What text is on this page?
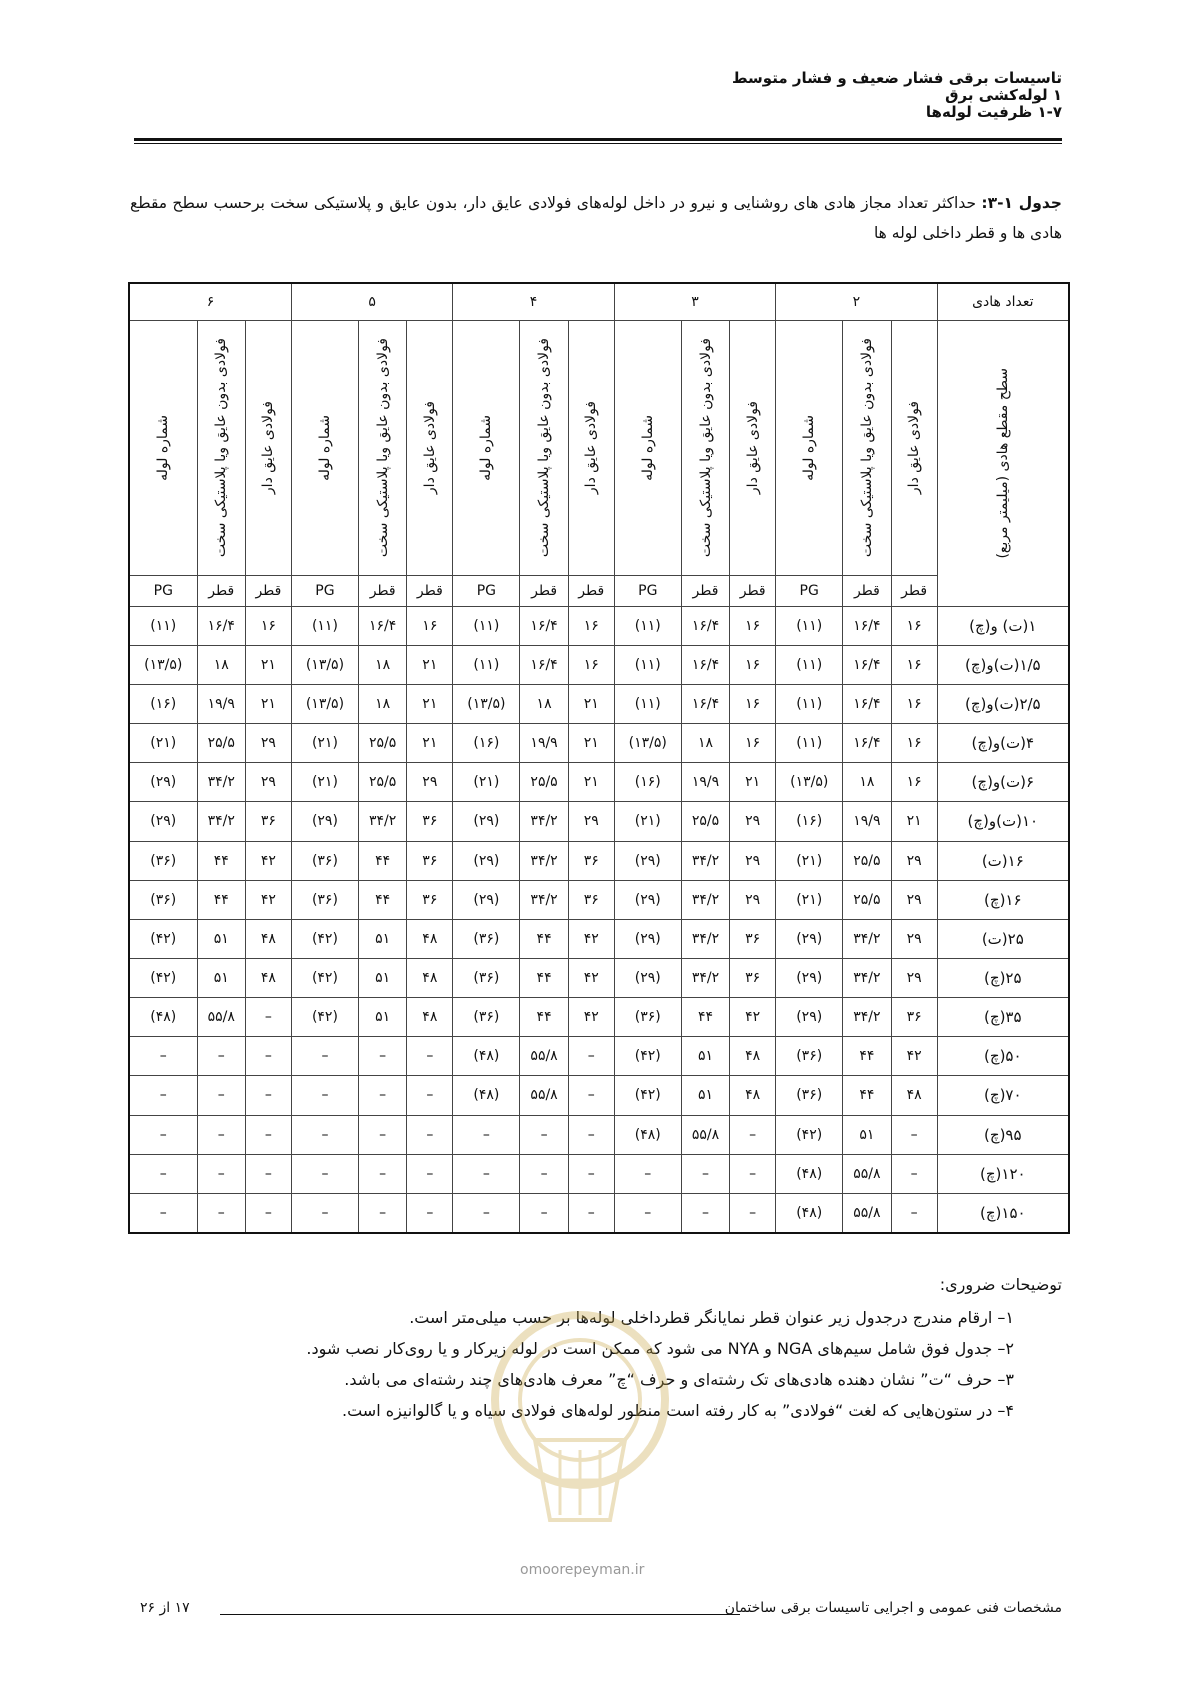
تاسیسات برقی فشار ضعیف و فشار متوسط
۱ لوله‌کشی برق
۱-۷ ظرفیت لوله‌ها
جدول ۱-۳: حداکثر تعداد مجاز هادی های روشنایی و نیرو در داخل لوله‌های فولادی عایق دار، بدون عایق و پلاستیکی سخت برحسب سطح مقطع هادی ها و قطر داخلی لوله ها
تعداد هادی	۲			۳			۴			۵			۶		

سطح مقطع هادی (میلیمتر مربع)	فولادی عایق دار	فولادی بدون عایق ویا پلاستیکی سخت	شماره لوله	فولادی عایق دار	فولادی بدون عایق ویا پلاستیکی سخت	شماره لوله	فولادی عایق دار	فولادی بدون عایق ویا پلاستیکی سخت	شماره لوله	فولادی عایق دار	فولادی بدون عایق ویا پلاستیکی سخت	شماره لوله	فولادی عایق دار	فولادی بدون عایق ویا پلاستیکی سخت	شماره لوله

	قطر	قطر	PG	قطر	قطر	PG	قطر	قطر	PG	قطر	قطر	PG	قطر	قطر	PG
۱(ت) و(چ)	۱۶	۱۶/۴	(۱۱)	۱۶	۱۶/۴	(۱۱)	۱۶	۱۶/۴	(۱۱)	۱۶	۱۶/۴	(۱۱)	۱۶	۱۶/۴	(۱۱)
۱/۵(ت)و(چ)	۱۶	۱۶/۴	(۱۱)	۱۶	۱۶/۴	(۱۱)	۱۶	۱۶/۴	(۱۱)	۲۱	۱۸	(۱۳/۵)	۲۱	۱۸	(۱۳/۵)
۲/۵(ت)و(چ)	۱۶	۱۶/۴	(۱۱)	۱۶	۱۶/۴	(۱۱)	۲۱	۱۸	(۱۳/۵)	۲۱	۱۸	(۱۳/۵)	۲۱	۱۹/۹	(۱۶)
۴(ت)و(چ)	۱۶	۱۶/۴	(۱۱)	۱۶	۱۸	(۱۳/۵)	۲۱	۱۹/۹	(۱۶)	۲۱	۲۵/۵	(۲۱)	۲۹	۲۵/۵	(۲۱)
۶(ت)و(چ)	۱۶	۱۸	(۱۳/۵)	۲۱	۱۹/۹	(۱۶)	۲۱	۲۵/۵	(۲۱)	۲۹	۲۵/۵	(۲۱)	۲۹	۳۴/۲	(۲۹)
۱۰(ت)و(چ)	۲۱	۱۹/۹	(۱۶)	۲۹	۲۵/۵	(۲۱)	۲۹	۳۴/۲	(۲۹)	۳۶	۳۴/۲	(۲۹)	۳۶	۳۴/۲	(۲۹)
۱۶(ت)	۲۹	۲۵/۵	(۲۱)	۲۹	۳۴/۲	(۲۹)	۳۶	۳۴/۲	(۲۹)	۳۶	۴۴	(۳۶)	۴۲	۴۴	(۳۶)
۱۶(چ)	۲۹	۲۵/۵	(۲۱)	۲۹	۳۴/۲	(۲۹)	۳۶	۳۴/۲	(۲۹)	۳۶	۴۴	(۳۶)	۴۲	۴۴	(۳۶)
۲۵(ت)	۲۹	۳۴/۲	(۲۹)	۳۶	۳۴/۲	(۲۹)	۴۲	۴۴	(۳۶)	۴۸	۵۱	(۴۲)	۴۸	۵۱	(۴۲)
۲۵(چ)	۲۹	۳۴/۲	(۲۹)	۳۶	۳۴/۲	(۲۹)	۴۲	۴۴	(۳۶)	۴۸	۵۱	(۴۲)	۴۸	۵۱	(۴۲)
۳۵(چ)	۳۶	۳۴/۲	(۲۹)	۴۲	۴۴	(۳۶)	۴۲	۴۴	(۳۶)	۴۸	۵۱	(۴۲)	–	۵۵/۸	(۴۸)
۵۰(چ)	۴۲	۴۴	(۳۶)	۴۸	۵۱	(۴۲)	–	۵۵/۸	(۴۸)	–	–	–	–	–	–
۷۰(چ)	۴۸	۴۴	(۳۶)	۴۸	۵۱	(۴۲)	–	۵۵/۸	(۴۸)	–	–	–	–	–	–
۹۵(چ)	–	۵۱	(۴۲)	–	۵۵/۸	(۴۸)	–	–	–	–	–	–	–	–	–
۱۲۰(چ)	–	۵۵/۸	(۴۸)	–	–	–	–	–	–	–	–	–	–	–	–
۱۵۰(چ)	–	۵۵/۸	(۴۸)	–	–	–	–	–	–	–	–	–	–	–	–
توضیحات ضروری:
۱– ارقام مندرج درجدول زیر عنوان قطر نمایانگر قطرداخلی لوله‌ها بر حسب میلی‌متر است.
۲– جدول فوق شامل سیم‌های NGA و NYA می شود که ممکن است در لوله زیرکار و یا روی‌کار نصب شود.
۳– حرف “ت” نشان دهنده هادی‌های تک رشته‌ای و حرف “چ” معرف هادی‌های چند رشته‌ای می باشد.
۴– در ستون‌هایی که لغت “فولادی” به کار رفته است منظور لوله‌های فولادی سیاه و یا گالوانیزه است.
omoorepeyman.ir
مشخصات فنی عمومی و اجرایی تاسیسات برقی ساختمان
۱۷ از ۲۶
